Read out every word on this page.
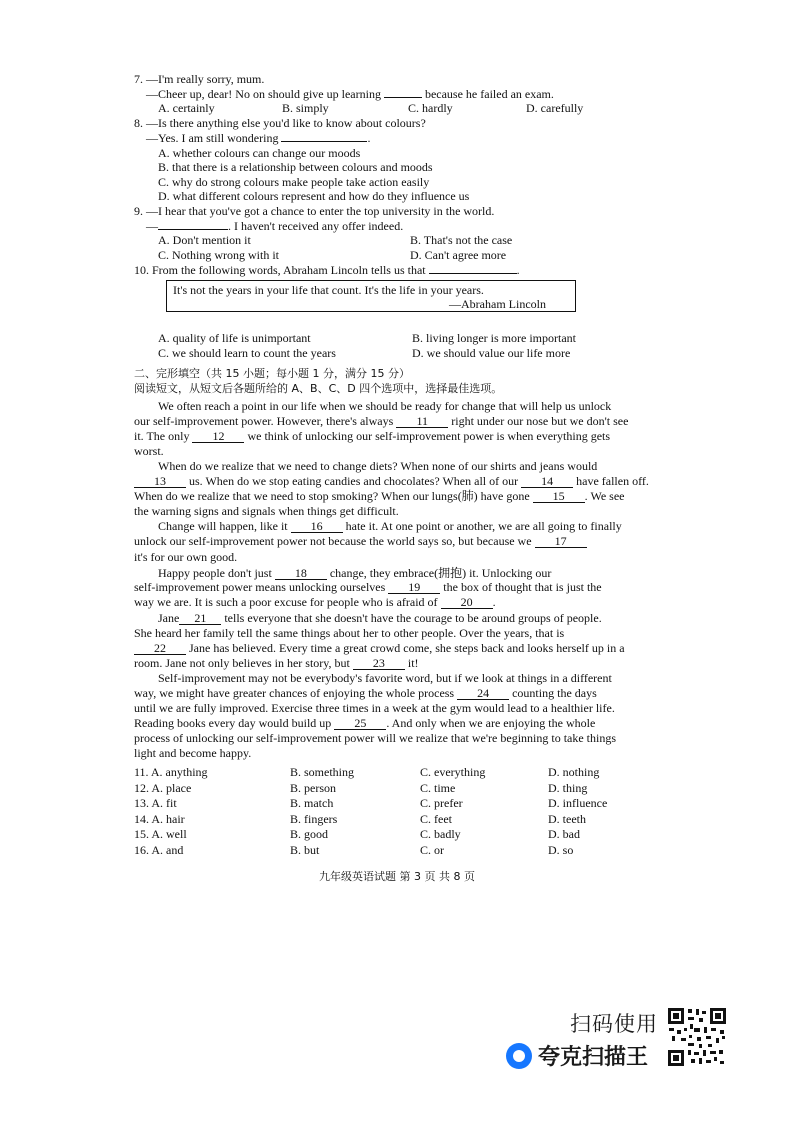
7. —I'm really sorry, mum.
—Cheer up, dear! No on should give up learning	because he failed an exam.
A. certainly	B. simply	C. hardly	D. carefully
8. —Is there anything else you'd like to know about colours?
—Yes. I am still wondering	.
A. whether colours can change our moods
B. that there is a relationship between colours and moods
C. why do strong colours make people take action easily
D. what different colours represent and how do they influence us
9. —I hear that you've got a chance to enter the top university in the world.
—	. I haven't received any offer indeed.
A. Don't mention it	B. That's not the case
C. Nothing wrong with it	D. Can't agree more
10. From the following words, Abraham Lincoln tells us that	.
It's not the years in your life that count. It's the life in your years.
—Abraham Lincoln
A. quality of life is unimportant	B. living longer is more important
C. we should learn to count the years	D. we should value our life more
二、完形填空（共 15 小题；每小题 1 分，满分 15 分）
阅读短文，从短文后各题所给的 A、B、C、D 四个选项中，选择最佳选项。
We often reach a point in our life when we should be ready for change that will help us unlock
our self-improvement power. However, there's always 11 right under our nose but we don't see
it. The only 12 we think of unlocking our self-improvement power is when everything gets
worst.
When do we realize that we need to change diets? When none of our shirts and jeans would
13 us. When do we stop eating candies and chocolates? When all of our 14 have fallen off.
When do we realize that we need to stop smoking? When our lungs(肺) have gone 15 . We see
the warning signs and signals when things get difficult.
Change will happen, like it 16 hate it. At one point or another, we are all going to finally
unlock our self-improvement power not because the world says so, but because we 17
it's for our own good.
Happy people don't just 18 change, they embrace(拥抱) it. Unlocking our
self-improvement power means unlocking ourselves 19 the box of thought that is just the
way we are. It is such a poor excuse for people who is afraid of 20 .
Jane 21 tells everyone that she doesn't have the courage to be around groups of people.
She heard her family tell the same things about her to other people. Over the years, that is
22 Jane has believed. Every time a great crowd come, she steps back and looks herself up in a
room. Jane not only believes in her story, but 23 it!
Self-improvement may not be everybody's favorite word, but if we look at things in a different
way, we might have greater chances of enjoying the whole process 24 counting the days
until we are fully improved. Exercise three times in a week at the gym would lead to a healthier life.
Reading books every day would build up 25 . And only when we are enjoying the whole
process of unlocking our self-improvement power will we realize that we're beginning to take things
light and become happy.
11. A. anything	B. something	C. everything	D. nothing
12. A. place	B. person	C. time	D. thing
13. A. fit	B. match	C. prefer	D. influence
14. A. hair	B. fingers	C. feet	D. teeth
15. A. well	B. good	C. badly	D. bad
16. A. and	B. but	C. or	D. so
九年级英语试题 第 3 页 共 8 页
扫码使用
夸克扫描王
